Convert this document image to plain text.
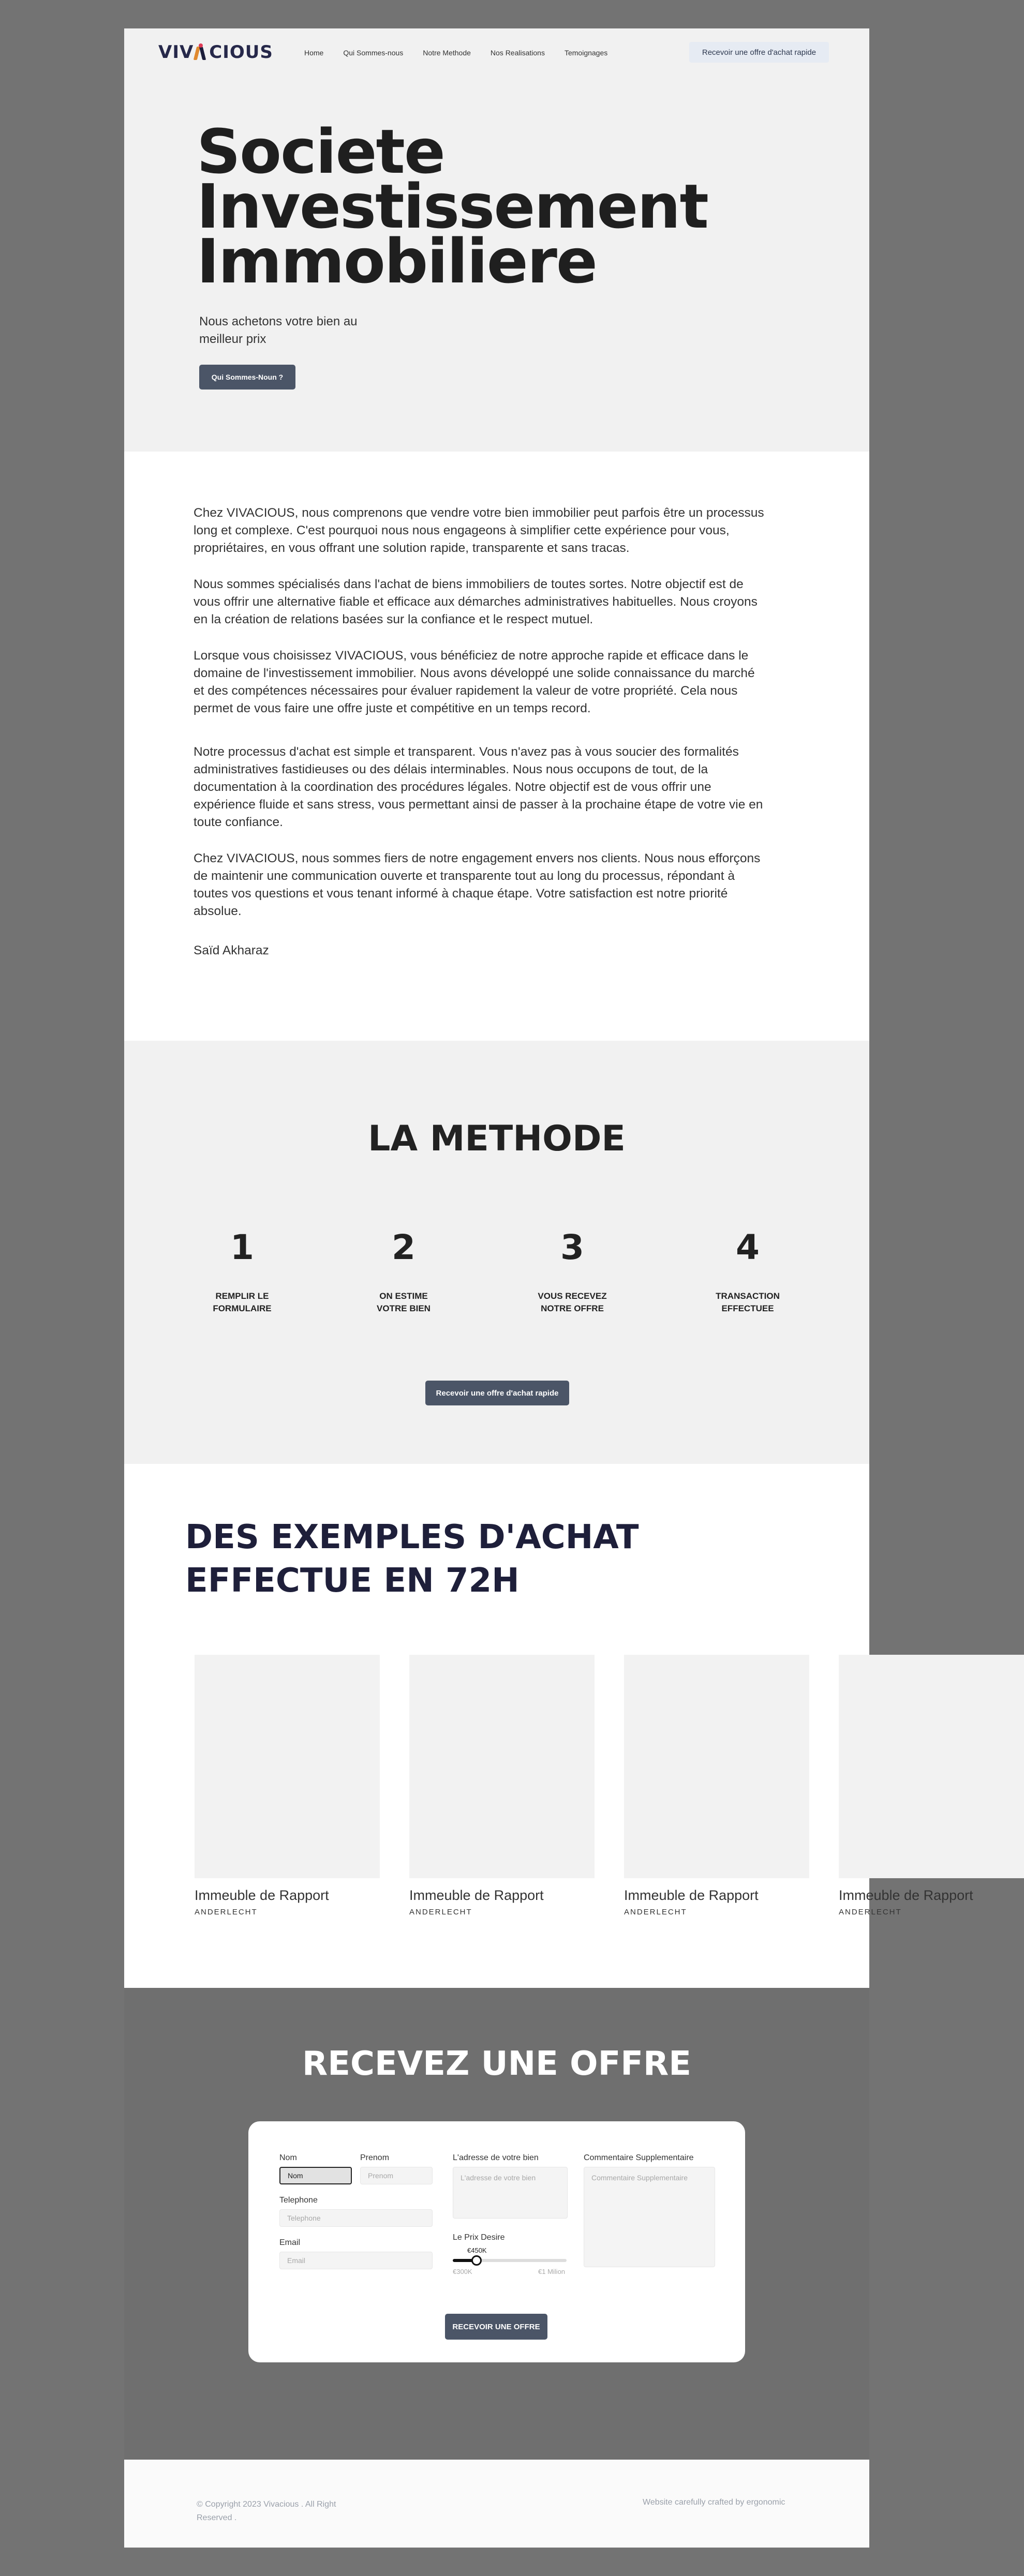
VIV CIOUS	Home	Qui Sommes-nous	Notre Methode	Nos Realisations	Temoignages	Recevoir une offre d'achat rapide
Societe
Investissement
Immobiliere

Nous achetons votre bien au meilleur prix

Qui Sommes-Noun ?

Chez VIVACIOUS, nous comprenons que vendre votre bien immobilier peut parfois être un processus long et complexe. C'est pourquoi nous nous engageons à simplifier cette expérience pour vous, propriétaires, en vous offrant une solution rapide, transparente et sans tracas.

Nous sommes spécialisés dans l'achat de biens immobiliers de toutes sortes. Notre objectif est de vous offrir une alternative fiable et efficace aux démarches administratives habituelles. Nous croyons en la création de relations basées sur la confiance et le respect mutuel.

Lorsque vous choisissez VIVACIOUS, vous bénéficiez de notre approche rapide et efficace dans le domaine de l'investissement immobilier. Nous avons développé une solide connaissance du marché et des compétences nécessaires pour évaluer rapidement la valeur de votre propriété. Cela nous permet de vous faire une offre juste et compétitive en un temps record.

Notre processus d'achat est simple et transparent. Vous n'avez pas à vous soucier des formalités administratives fastidieuses ou des délais interminables. Nous nous occupons de tout, de la documentation à la coordination des procédures légales. Notre objectif est de vous offrir une expérience fluide et sans stress, vous permettant ainsi de passer à la prochaine étape de votre vie en toute confiance.

Chez VIVACIOUS, nous sommes fiers de notre engagement envers nos clients. Nous nous efforçons de maintenir une communication ouverte et transparente tout au long du processus, répondant à toutes vos questions et vous tenant informé à chaque étape. Votre satisfaction est notre priorité absolue.

Saïd Akharaz

LA METHODE
1
REMPLIR LE
FORMULAIRE
2
ON ESTIME
VOTRE BIEN
3
VOUS RECEVEZ
NOTRE OFFRE
4
TRANSACTION
EFFECTUEE
Recevoir une offre d'achat rapide
DES EXEMPLES D'ACHAT
EFFECTUE EN 72H
Immeuble de Rapport
ANDERLECHT
Immeuble de Rapport
ANDERLECHT
Immeuble de Rapport
ANDERLECHT
Immeuble de Rapport
ANDERLECHT
RECEVEZ UNE OFFRE
Nom
Nom
Prenom
Prenom
Telephone
Telephone
Email
Email
L'adresse de votre bien
L'adresse de votre bien
Le Prix Desire
€450K
€300K	€1 Milion
Commentaire Supplementaire
Commentaire Supplementaire
RECEVOIR UNE OFFRE
© Copyright 2023 Vivacious . All Right Reserved .
Website carefully crafted by ergonomic
